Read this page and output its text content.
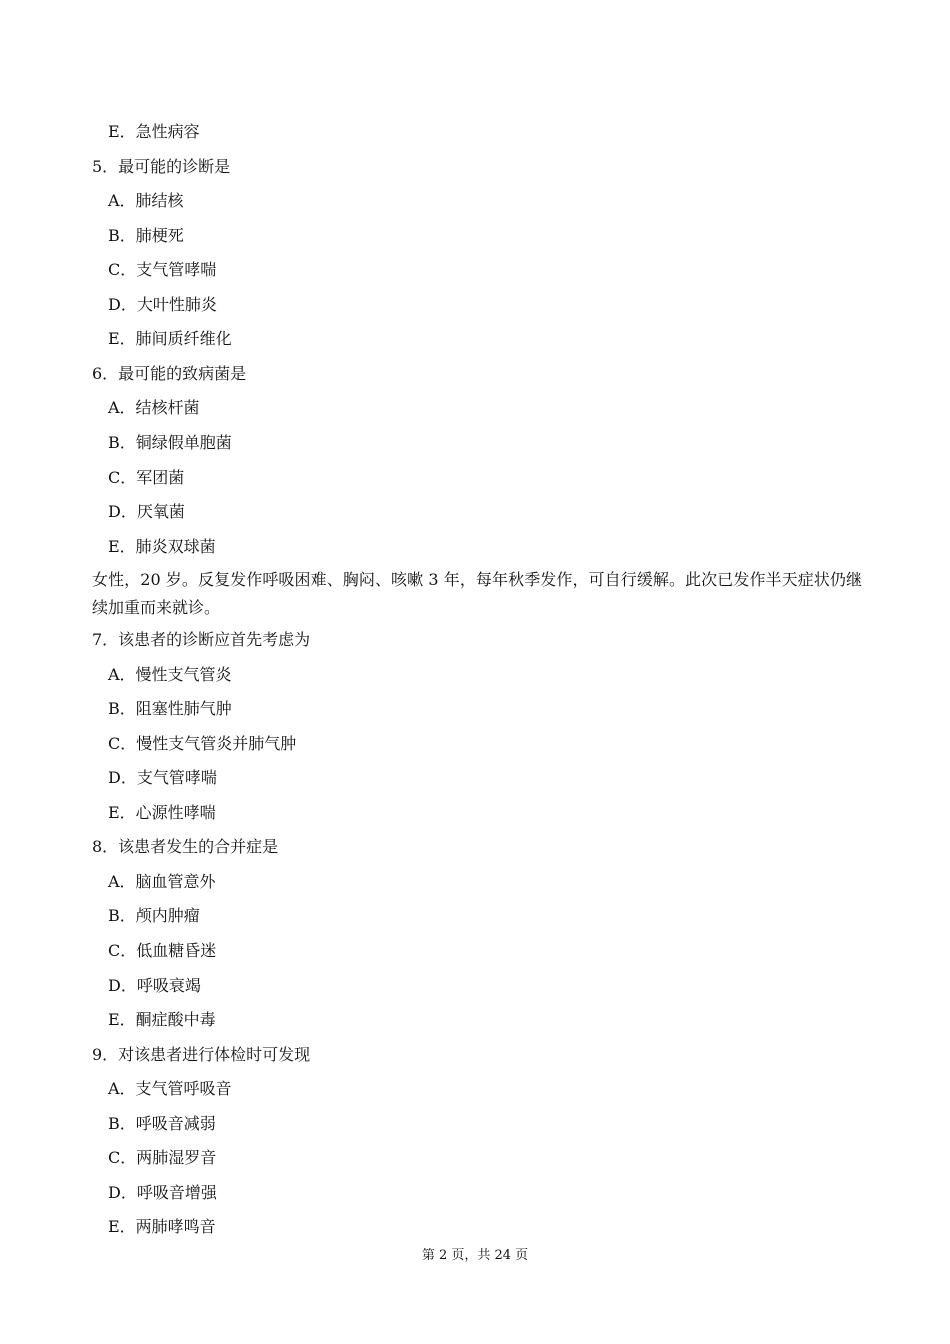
E．急性病容
5．最可能的诊断是
A．肺结核
B．肺梗死
C．支气管哮喘
D．大叶性肺炎
E．肺间质纤维化
6．最可能的致病菌是
A．结核杆菌
B．铜绿假单胞菌
C．军团菌
D．厌氧菌
E．肺炎双球菌
女性，20 岁。反复发作呼吸困难、胸闷、咳嗽 3 年，每年秋季发作，可自行缓解。此次已发作半天症状仍继续加重而来就诊。
7．该患者的诊断应首先考虑为
A．慢性支气管炎
B．阻塞性肺气肿
C．慢性支气管炎并肺气肿
D．支气管哮喘
E．心源性哮喘
8．该患者发生的合并症是
A．脑血管意外
B．颅内肿瘤
C．低血糖昏迷
D．呼吸衰竭
E．酮症酸中毒
9．对该患者进行体检时可发现
A．支气管呼吸音
B．呼吸音减弱
C．两肺湿罗音
D．呼吸音增强
E．两肺哮鸣音
第 2 页，共 24 页
